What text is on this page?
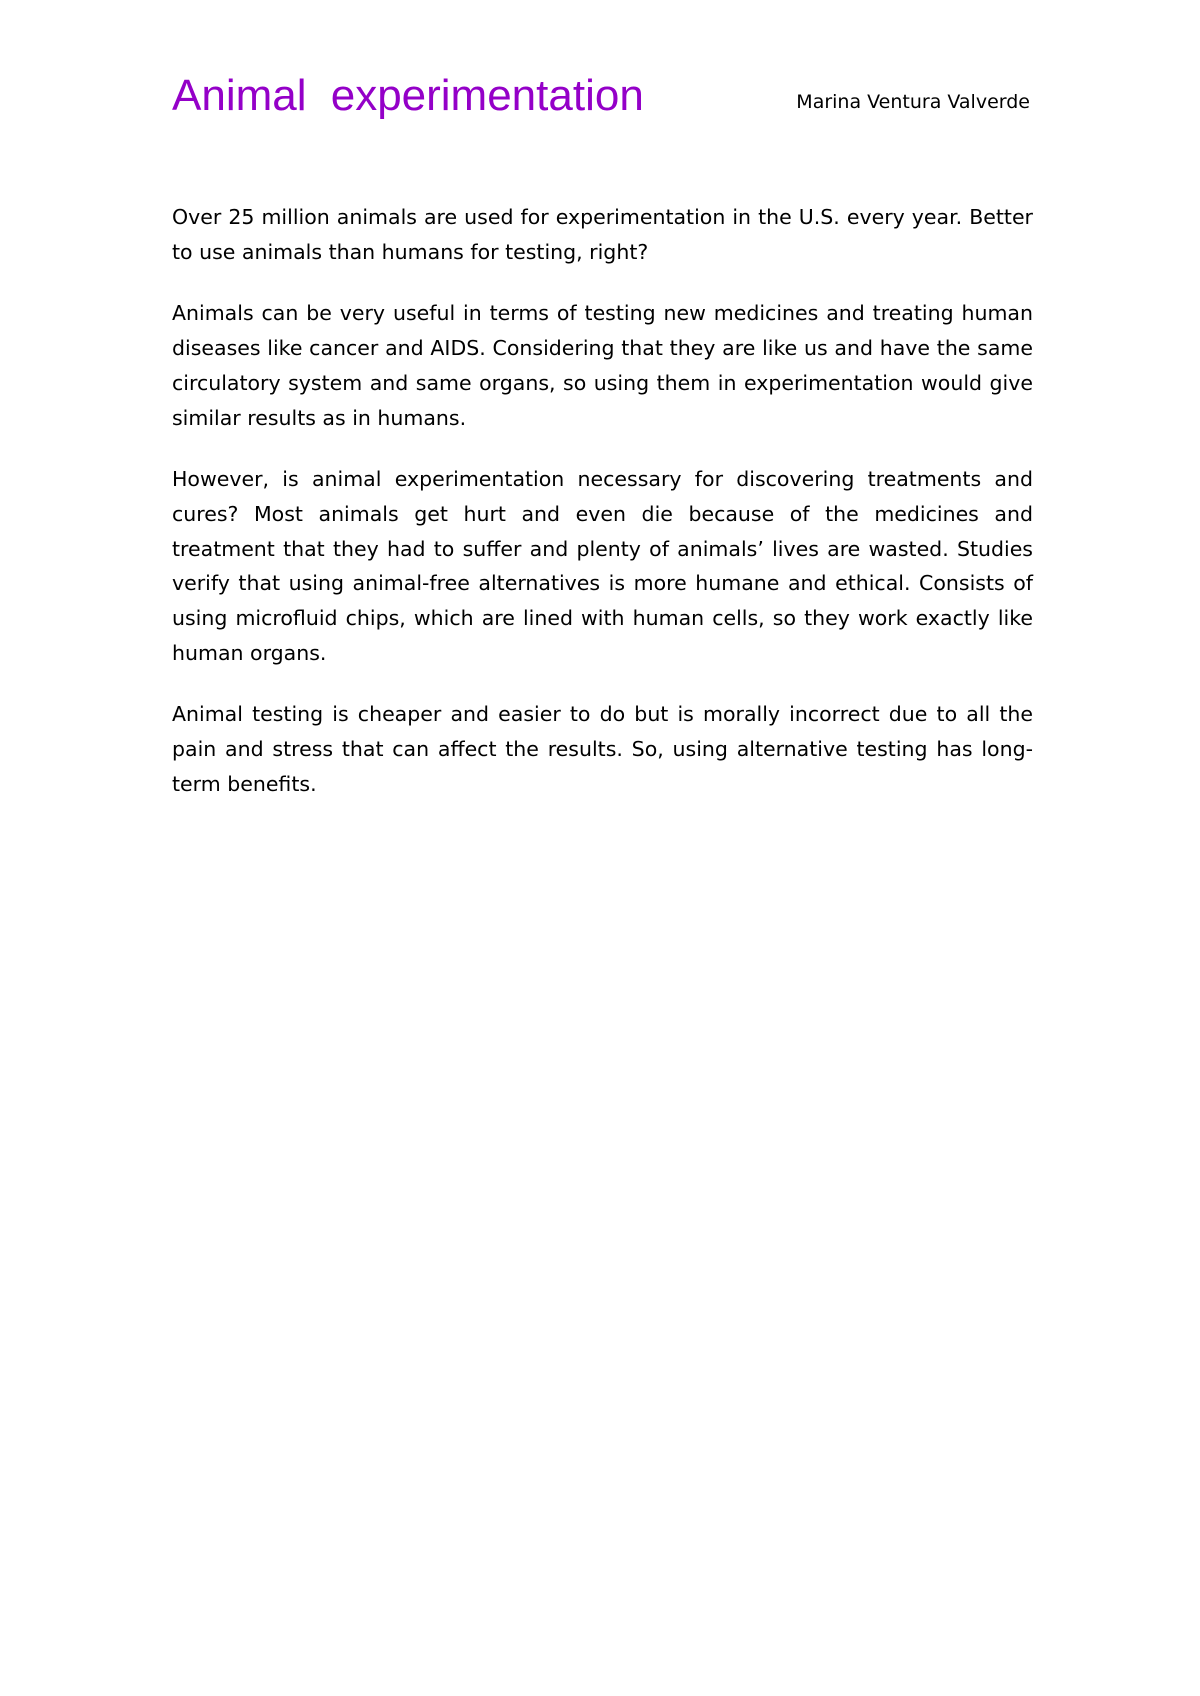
Animal experimentation	Marina Ventura Valverde

Over 25 million animals are used for experimentation in the U.S. every year. Better to use animals than humans for testing, right?

Animals can be very useful in terms of testing new medicines and treating human diseases like cancer and AIDS. Considering that they are like us and have the same circulatory system and same organs, so using them in experimentation would give similar results as in humans.

However, is animal experimentation necessary for discovering treatments and cures? Most animals get hurt and even die because of the medicines and treatment that they had to suffer and plenty of animals’ lives are wasted. Studies verify that using animal-free alternatives is more humane and ethical. Consists of using microfluid chips, which are lined with human cells, so they work exactly like human organs.

Animal testing is cheaper and easier to do but is morally incorrect due to all the pain and stress that can affect the results. So, using alternative testing has long-term benefits.
